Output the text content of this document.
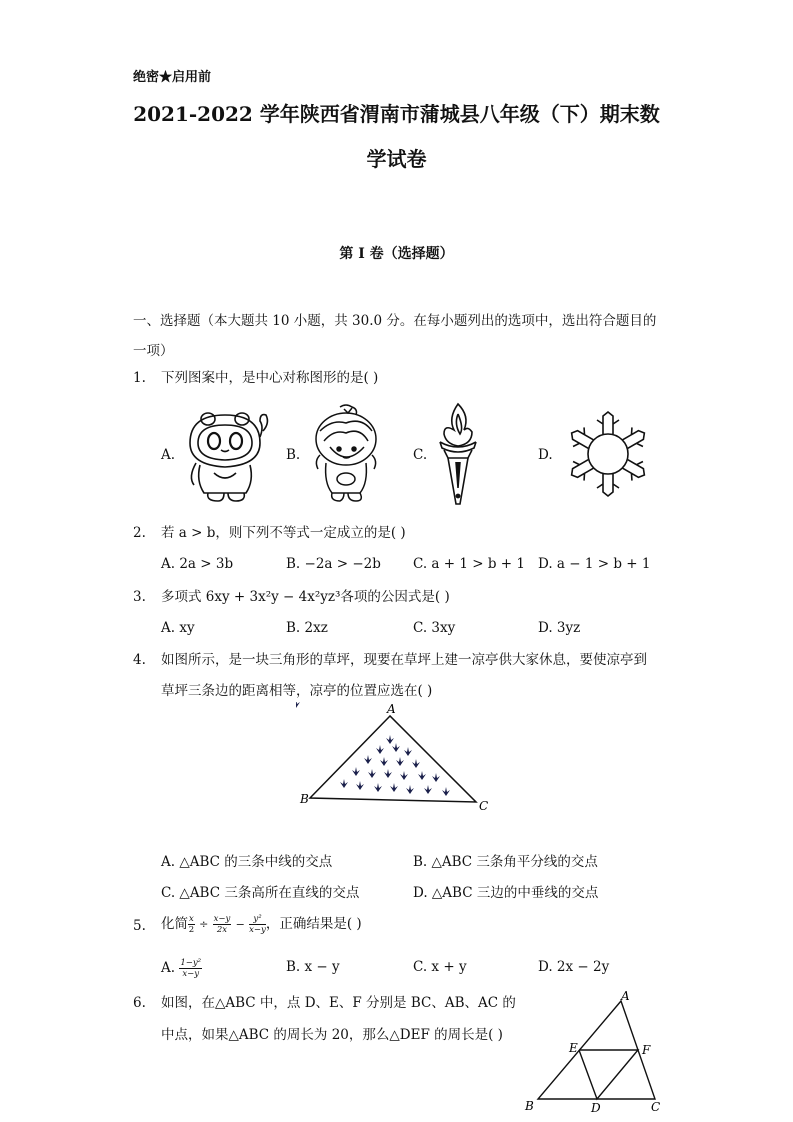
绝密★启用前
2021-2022 学年陕西省渭南市蒲城县八年级（下）期末数
学试卷
第 I 卷（选择题）
一、选择题（本大题共 10 小题，共 30.0 分。在每小题列出的选项中，选出符合题目的一项）
1. 下列图案中，是中心对称图形的是( )
A.	B.	C.	D.
2. 若 a > b，则下列不等式一定成立的是( )
A. 2a > 3b	B. −2a > −2b C. a + 1 > b + 1 D. a − 1 > b + 1
3. 多项式 6xy + 3x²y − 4x²yz³各项的公因式是( )
A. xy	B. 2xz	C. 3xy	D. 3yz
4. 如图所示，是一块三角形的草坪，现要在草坪上建一凉亭供大家休息，要使凉亭到
草坪三条边的距离相等，凉亭的位置应选在( )
A
B	C
A. △ABC 的三条中线的交点	B. △ABC 三条角平分线的交点
C. △ABC 三条高所在直线的交点	D. △ABC 三边的中垂线的交点
5. 化简 $\frac{x}{2} \div \frac{x-y}{2x} - \frac{\text{y²}}{x-y}$ ，正确结果是( )
A. $\frac{\text{1−y²}}{x-y}$	B. x − y	C. x + y	D. 2x − 2y
6. 如图，在△ABC 中，点 D、E、F 分别是 BC、AB、AC 的
中点，如果△ABC 的周长为 20，那么△DEF 的周长是( )
A
B	C
D
E	F
